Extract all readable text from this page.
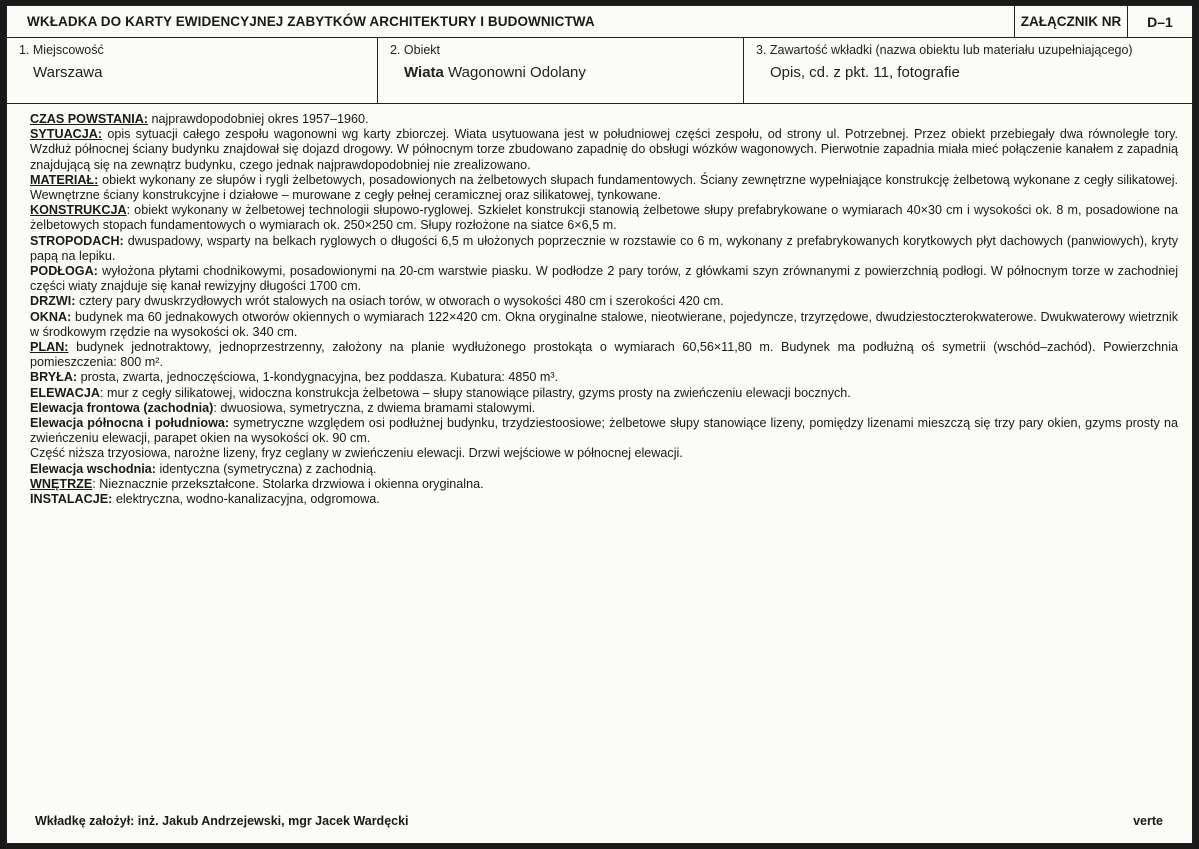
WKŁADKA DO KARTY EWIDENCYJNEJ ZABYTKÓW ARCHITEKTURY I BUDOWNICTWA	ZAŁĄCZNIK NR	D–1
1. Miejscowość
Warszawa
2. Obiekt
Wiata Wagonowni Odolany
3. Zawartość wkładki (nazwa obiektu lub materiału uzupełniającego)
Opis, cd. z pkt. 11, fotografie

CZAS POWSTANIA: najprawdopodobniej okres 1957–1960.

SYTUACJA: opis sytuacji całego zespołu wagonowni wg karty zbiorczej. Wiata usytuowana jest w południowej części zespołu, od strony ul. Potrzebnej. Przez obiekt przebiegały dwa równoległe tory. Wzdłuż północnej ściany budynku znajdował się dojazd drogowy. W północnym torze zbudowano zapadnię do obsługi wózków wagonowych. Pierwotnie zapadnia miała mieć połączenie kanałem z zapadnią znajdującą się na zewnątrz budynku, czego jednak najprawdopodobniej nie zrealizowano.

MATERIAŁ: obiekt wykonany ze słupów i rygli żelbetowych, posadowionych na żelbetowych słupach fundamentowych. Ściany zewnętrzne wypełniające konstrukcję żelbetową wykonane z cegły silikatowej. Wewnętrzne ściany konstrukcyjne i działowe – murowane z cegły pełnej ceramicznej oraz silikatowej, tynkowane.

KONSTRUKCJA: obiekt wykonany w żelbetowej technologii słupowo-ryglowej. Szkielet konstrukcji stanowią żelbetowe słupy prefabrykowane o wymiarach 40×30 cm i wysokości ok. 8 m, posadowione na żelbetowych stopach fundamentowych o wymiarach ok. 250×250 cm. Słupy rozłożone na siatce 6×6,5 m.

STROPODACH: dwuspadowy, wsparty na belkach ryglowych o długości 6,5 m ułożonych poprzecznie w rozstawie co 6 m, wykonany z prefabrykowanych korytkowych płyt dachowych (panwiowych), kryty papą na lepiku.

PODŁOGA: wyłożona płytami chodnikowymi, posadowionymi na 20-cm warstwie piasku. W podłodze 2 pary torów, z główkami szyn zrównanymi z powierzchnią podłogi. W północnym torze w zachodniej części wiaty znajduje się kanał rewizyjny długości 1700 cm.

DRZWI: cztery pary dwuskrzydłowych wrót stalowych na osiach torów, w otworach o wysokości 480 cm i szerokości 420 cm.

OKNA: budynek ma 60 jednakowych otworów okiennych o wymiarach 122×420 cm. Okna oryginalne stalowe, nieotwierane, pojedyncze, trzyrzędowe, dwudziestoczterokwaterowe. Dwukwaterowy wietrznik w środkowym rzędzie na wysokości ok. 340 cm.

PLAN: budynek jednotraktowy, jednoprzestrzenny, założony na planie wydłużonego prostokąta o wymiarach 60,56×11,80 m. Budynek ma podłużną oś symetrii (wschód–zachód). Powierzchnia pomieszczenia: 800 m².

BRYŁA: prosta, zwarta, jednoczęściowa, 1-kondygnacyjna, bez poddasza. Kubatura: 4850 m³.

ELEWACJA: mur z cegły silikatowej, widoczna konstrukcja żelbetowa – słupy stanowiące pilastry, gzyms prosty na zwieńczeniu elewacji bocznych.

Elewacja frontowa (zachodnia): dwuosiowa, symetryczna, z dwiema bramami stalowymi.

Elewacja północna i południowa: symetryczne względem osi podłużnej budynku, trzydziestoosiowe; żelbetowe słupy stanowiące lizeny, pomiędzy lizenami mieszczą się trzy pary okien, gzyms prosty na zwieńczeniu elewacji, parapet okien na wysokości ok. 90 cm.

Część niższa trzyosiowa, narożne lizeny, fryz ceglany w zwieńczeniu elewacji. Drzwi wejściowe w północnej elewacji.

Elewacja wschodnia: identyczna (symetryczna) z zachodnią.

WNĘTRZE: Nieznacznie przekształcone. Stolarka drzwiowa i okienna oryginalna.

INSTALACJE: elektryczna, wodno-kanalizacyjna, odgromowa.

Wkładkę założył: inż. Jakub Andrzejewski, mgr Jacek Wardęcki	verte
